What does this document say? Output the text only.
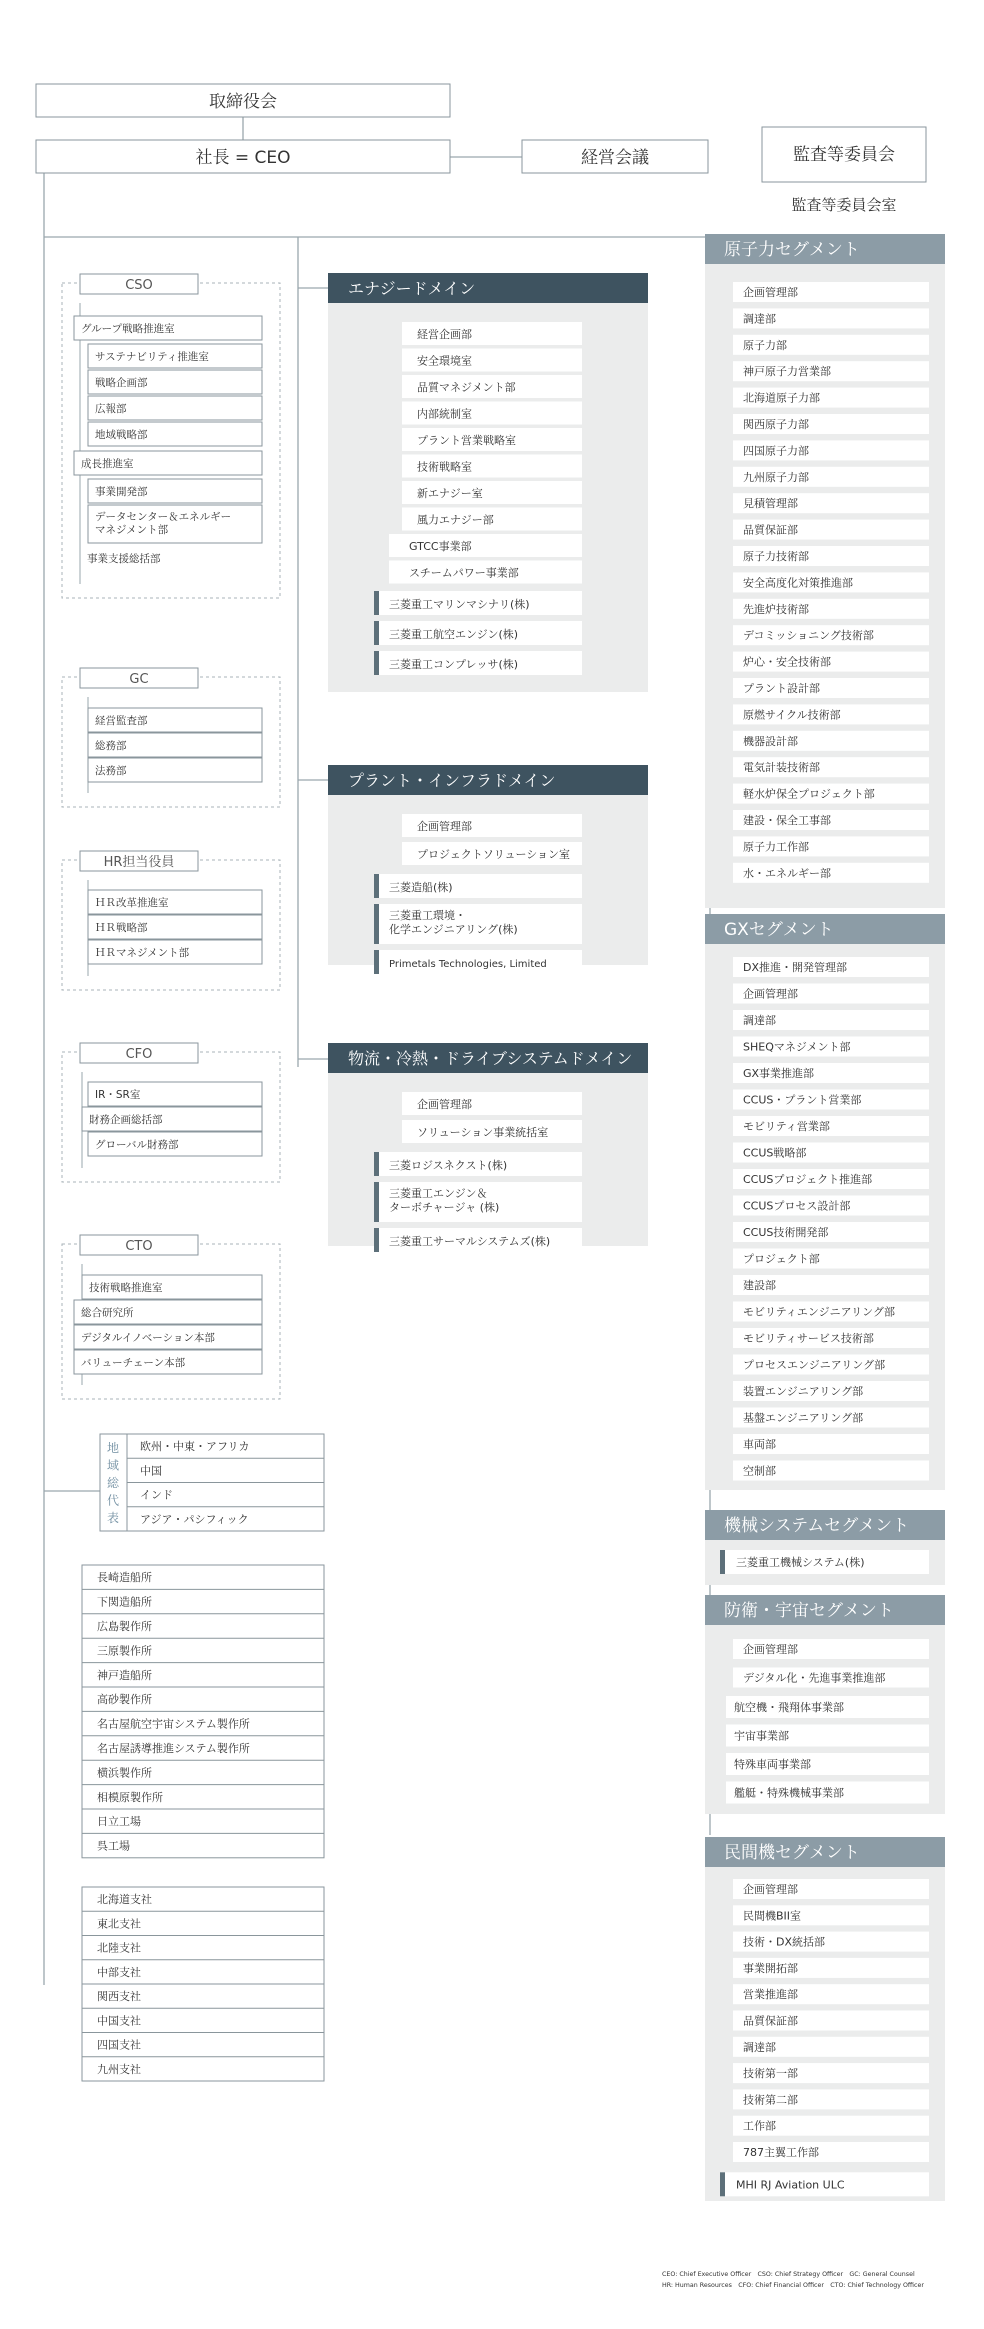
取締役会
社長 = CEO	経営会議	監査等委員会
監査等委員会室
エナジードメイン
経営企画部
安全環境室
品質マネジメント部
内部統制室
プラント営業戦略室
技術戦略室
新エナジー室
風力エナジー部
GTCC事業部
スチームパワー事業部
三菱重工マリンマシナリ(株)
三菱重工航空エンジン(株)
三菱重工コンプレッサ(株)
プラント・インフラドメイン
企画管理部
プロジェクトソリューション室
三菱造船(株)
三菱重工環境・化学エンジニアリング(株)
Primetals Technologies, Limited
物流・冷熱・ドライブシステムドメイン
企画管理部
ソリューション事業統括室
三菱ロジスネクスト(株)
三菱重工エンジン＆ターボチャージャ (株)
三菱重工サーマルシステムズ(株)
原子力セグメント
企画管理部
調達部
原子力部
神戸原子力営業部
北海道原子力部
関西原子力部
四国原子力部
九州原子力部
見積管理部
品質保証部
原子力技術部
安全高度化対策推進部
先進炉技術部
デコミッショニング技術部
炉心・安全技術部
プラント設計部
原燃サイクル技術部
機器設計部
電気計装技術部
軽水炉保全プロジェクト部
建設・保全工事部
原子力工作部
水・エネルギー部
GXセグメント
DX推進・開発管理部
企画管理部
調達部
SHEQマネジメント部
GX事業推進部
CCUS・プラント営業部
モビリティ営業部
CCUS戦略部
CCUSプロジェクト推進部
CCUSプロセス設計部
CCUS技術開発部
プロジェクト部
建設部
モビリティエンジニアリング部
モビリティサービス技術部
プロセスエンジニアリング部
装置エンジニアリング部
基盤エンジニアリング部
車両部
空制部
機械システムセグメント
三菱重工機械システム(株)
防衛・宇宙セグメント
企画管理部
デジタル化・先進事業推進部
航空機・飛翔体事業部
宇宙事業部
特殊車両事業部
艦艇・特殊機械事業部
民間機セグメント
企画管理部
民間機BII室
技術・DX統括部
事業開拓部
営業推進部
品質保証部
調達部
技術第一部
技術第二部
工作部
787主翼工作部
MHI RJ Aviation ULC
CSO
グループ戦略推進室
サステナビリティ推進室
戦略企画部
広報部
地域戦略部
成長推進室
事業開発部
データセンター＆エネルギーマネジメント部
事業支援総括部
GC
経営監査部
総務部
法務部
HR担当役員
ＨＲ改革推進室
ＨＲ戦略部
ＨＲマネジメント部
CFO
IR・SR室
財務企画総括部
グローバル財務部
CTO
技術戦略推進室
総合研究所
デジタルイノベーション本部
バリューチェーン本部
地域総代表
欧州・中東・アフリカ
中国
インド
アジア・パシフィック
長崎造船所
下関造船所
広島製作所
三原製作所
神戸造船所
高砂製作所
名古屋航空宇宙システム製作所
名古屋誘導推進システム製作所
横浜製作所
相模原製作所
日立工場
呉工場
北海道支社
東北支社
北陸支社
中部支社
関西支社
中国支社
四国支社
九州支社
CEO: Chief Executive Officer　CSO: Chief Strategy Officer　GC: General Counsel
HR: Human Resources　CFO: Chief Financial Officer　CTO: Chief Technology Officer
